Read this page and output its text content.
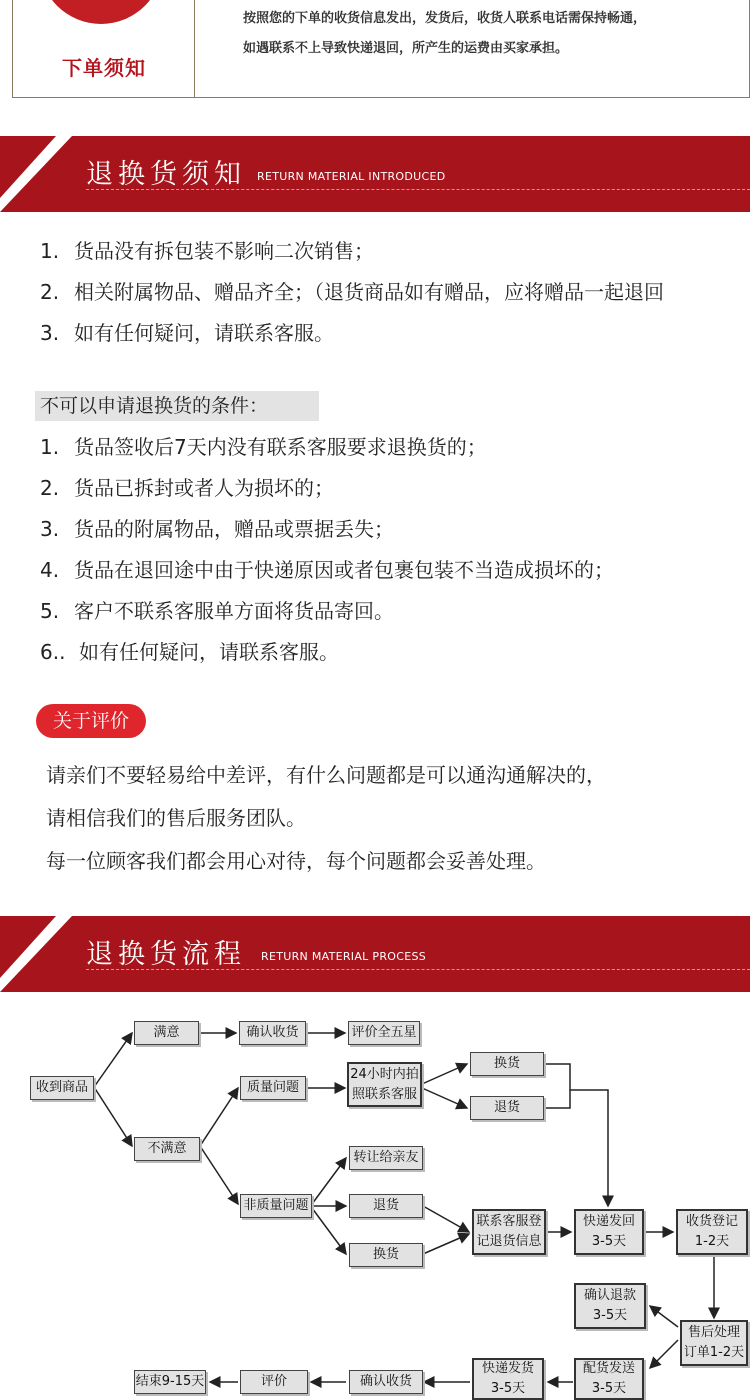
下单须知
按照您的下单的收货信息发出，发货后，收货人联系电话需保持畅通，
如遇联系不上导致快递退回，所产生的运费由买家承担。
退换货须知 RETURN MATERIAL INTRODUCED
1. 货品没有拆包装不影响二次销售；
2. 相关附属物品、赠品齐全；（退货商品如有赠品，应将赠品一起退回
3. 如有任何疑问，请联系客服。
不可以申请退换货的条件：
1. 货品签收后7天内没有联系客服要求退换货的；
2. 货品已拆封或者人为损坏的；
3. 货品的附属物品，赠品或票据丢失；
4. 货品在退回途中由于快递原因或者包裹包装不当造成损坏的；
5. 客户不联系客服单方面将货品寄回。
6.. 如有任何疑问，请联系客服。
关于评价
请亲们不要轻易给中差评，有什么问题都是可以通沟通解决的，
请相信我们的售后服务团队。
每一位顾客我们都会用心对待，每个问题都会妥善处理。
退换货流程 RETURN MATERIAL PROCESS
收到商品
满意	确认收货	评价全五星
不满意
质量问题
24小时内拍
照联系客服
换货
退货
非质量问题
转让给亲友
退货
换货
联系客服登
记退货信息
快递发回
3-5天
收货登记
1-2天
确认退款
3-5天
售后处理
订单1-2天
配货发送
3-5天
快递发货
3-5天
确认收货
评价
结束9-15天
